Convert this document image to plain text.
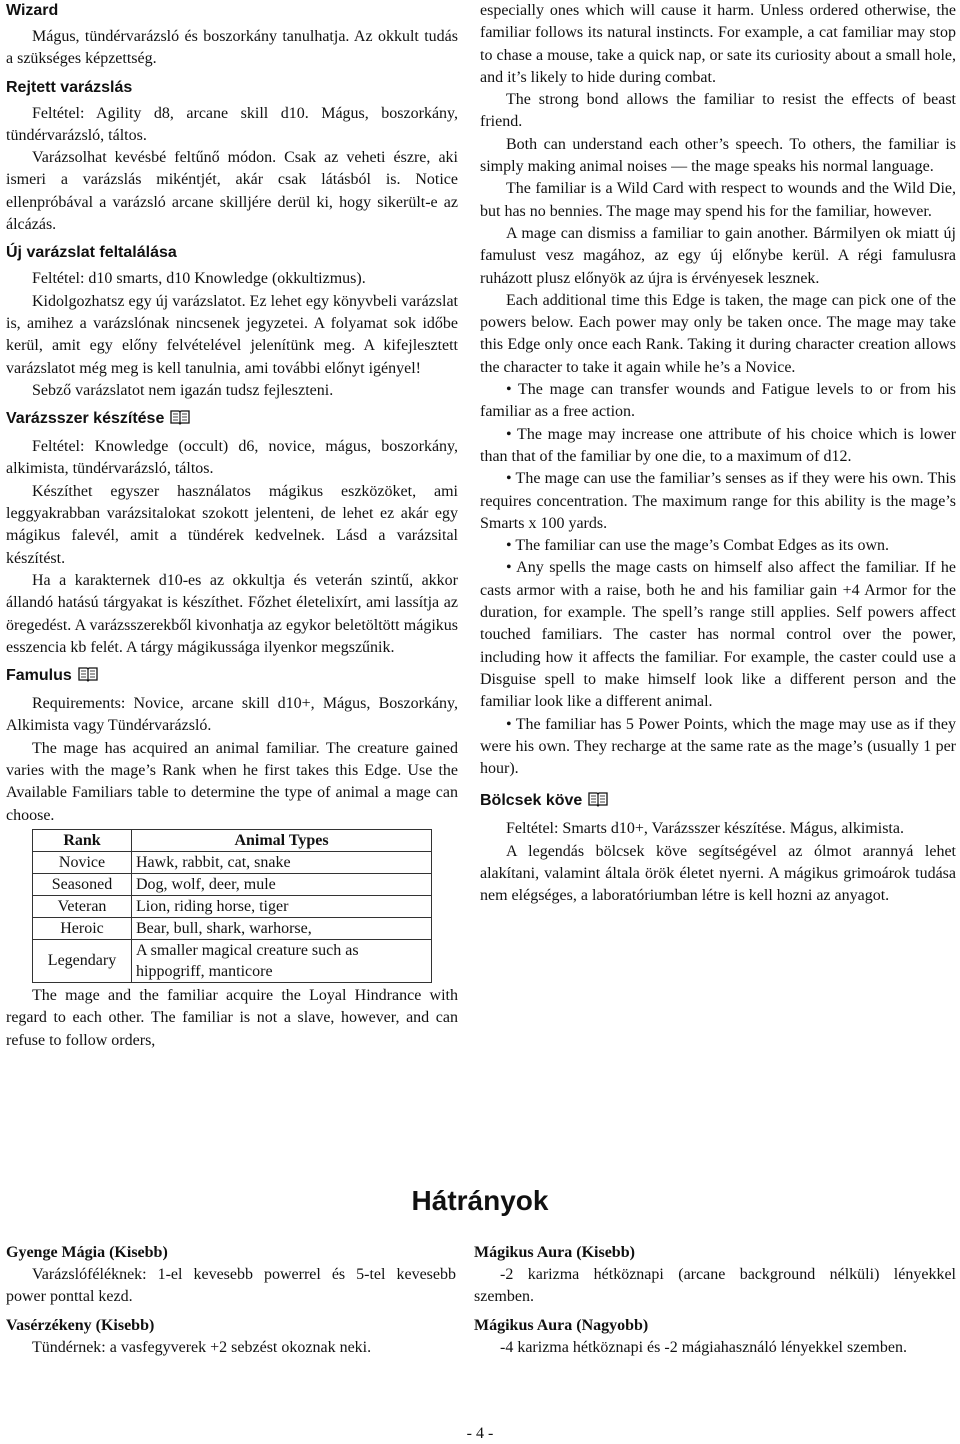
Wizard

Mágus, tündérvarázsló és boszorkány tanulhatja. Az okkult tudás a szükséges képzettség.

Rejtett varázslás

Feltétel: Agility d8, arcane skill d10. Mágus, boszorkány, tündérvarázsló, táltos.

Varázsolhat kevésbé feltűnő módon. Csak az veheti észre, aki ismeri a varázslás mikéntjét, akár csak látásból is. Notice ellenpróbával a varázsló arcane skilljére derül ki, hogy sikerült-e az álcázás.

Új varázslat feltalálása

Feltétel: d10 smarts, d10 Knowledge (okkultizmus).

Kidolgozhatsz egy új varázslatot. Ez lehet egy könyvbeli varázslat is, amihez a varázslónak nincsenek jegyzetei. A folyamat sok időbe kerül, amit egy előny felvételével jelenítünk meg. A kifejlesztett varázslatot még meg is kell tanulnia, ami további előnyt igényel!

Sebző varázslatot nem igazán tudsz fejleszteni.

Varázsszer készítése

Feltétel: Knowledge (occult) d6, novice, mágus, boszorkány, alkimista, tündérvarázsló, táltos.

Készíthet egyszer használatos mágikus eszközöket, ami leggyakrabban varázsitalokat szokott jelenteni, de lehet ez akár egy mágikus falevél, amit a tündérek kedvelnek. Lásd a varázsital készítést.

Ha a karakternek d10-es az okkultja és veterán szintű, akkor állandó hatású tárgyakat is készíthet. Főzhet életelixírt, ami lassítja az öregedést. A varázsszerekből kivonhatja az egykor beletöltött mágikus esszencia kb felét. A tárgy mágikussága ilyenkor megszűnik.

Famulus

Requirements: Novice, arcane skill d10+, Mágus, Boszorkány, Alkimista vagy Tündérvarázsló.

The mage has acquired an animal familiar. The creature gained varies with the mage’s Rank when he first takes this Edge. Use the Available Familiars table to determine the type of animal a mage can choose.

Rank	Animal Types
Novice	Hawk, rabbit, cat, snake
Seasoned	Dog, wolf, deer, mule
Veteran	Lion, riding horse, tiger
Heroic	Bear, bull, shark, warhorse,
Legendary	A smaller magical creature such as hippogriff, manticore

The mage and the familiar acquire the Loyal Hindrance with regard to each other. The familiar is not a slave, however, and can refuse to follow orders,

especially ones which will cause it harm. Unless ordered otherwise, the familiar follows its natural instincts. For example, a cat familiar may stop to chase a mouse, take a quick nap, or sate its curiosity about a small hole, and it’s likely to hide during combat.

The strong bond allows the familiar to resist the effects of beast friend.

Both can understand each other’s speech. To others, the familiar is simply making animal noises — the mage speaks his normal language.

The familiar is a Wild Card with respect to wounds and the Wild Die, but has no bennies. The mage may spend his for the familiar, however.

A mage can dismiss a familiar to gain another. Bármilyen ok miatt új famulust vesz magához, az egy új előnybe kerül. A régi famulusra ruházott plusz előnyök az újra is érvényesek lesznek.

Each additional time this Edge is taken, the mage can pick one of the powers below. Each power may only be taken once. The mage may take this Edge only once each Rank. Taking it during character creation allows the character to take it again while he’s a Novice.

• The mage can transfer wounds and Fatigue levels to or from his familiar as a free action.

• The mage may increase one attribute of his choice which is lower than that of the familiar by one die, to a maximum of d12.

• The mage can use the familiar’s senses as if they were his own. This requires concentration. The maximum range for this ability is the mage’s Smarts x 100 yards.

• The familiar can use the mage’s Combat Edges as its own.

• Any spells the mage casts on himself also affect the familiar. If he casts armor with a raise, both he and his familiar gain +4 Armor for the duration, for example. The spell’s range still applies. Self powers affect touched familiars. The caster has normal control over the power, including how it affects the familiar. For example, the caster could use a Disguise spell to make himself look like a different person and the familiar look like a different animal.

• The familiar has 5 Power Points, which the mage may use as if they were his own. They recharge at the same rate as the mage’s (usually 1 per hour).

Bölcsek köve

Feltétel: Smarts d10+, Varázsszer készítése. Mágus, alkimista.

A legendás bölcsek köve segítségével az ólmot arannyá lehet alakítani, valamint általa örök életet nyerni. A mágikus grimoárok tudása nem elégséges, a laboratóriumban létre is kell hozni az anyagot.

Hátrányok
Gyenge Mágia (Kisebb)

Varázslóféléknek: 1-el kevesebb powerrel és 5-tel kevesebb power ponttal kezd.

Vasérzékeny (Kisebb)

Tündérnek: a vasfegyverek +2 sebzést okoznak neki.

Mágikus Aura (Kisebb)

-2 karizma hétköznapi (arcane background nélküli) lényekkel szemben.

Mágikus Aura (Nagyobb)

-4 karizma hétköznapi és -2 mágiahasználó lényekkel szemben.

- 4 -
